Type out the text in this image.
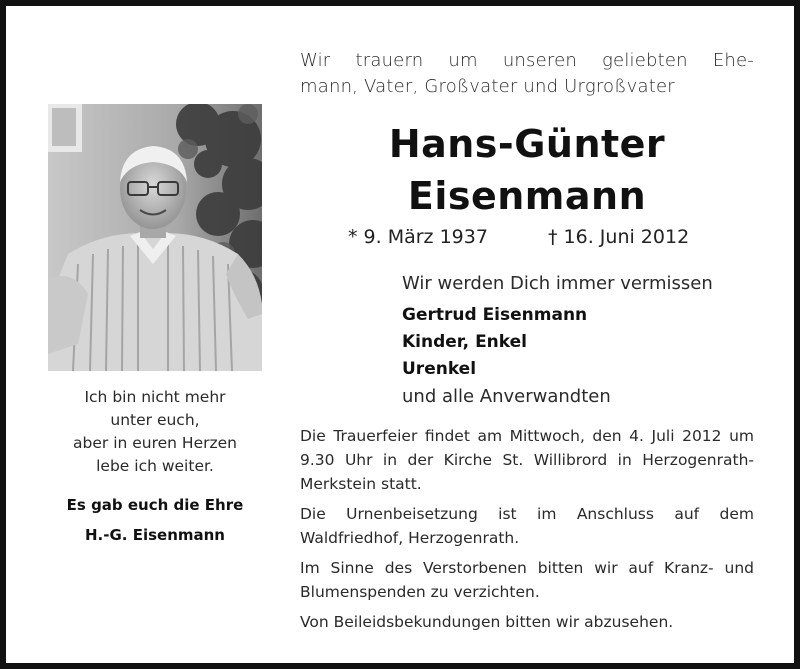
Wir trauern um unseren geliebten Ehe-
mann, Vater, Großvater und Urgroßvater
Hans-Günter
Eisenmann
* 9. März 1937	† 16. Juni 2012
Wir werden Dich immer vermissen
Gertrud Eisenmann
Kinder, Enkel
Urenkel
und alle Anverwandten

Die Trauerfeier findet am Mittwoch, den 4. Juli 2012 um 9.30 Uhr in der Kirche St. Willibrord in Herzogenrath-Merkstein statt.

Die Urnenbeisetzung ist im Anschluss auf dem Waldfriedhof, Herzogenrath.

Im Sinne des Verstorbenen bitten wir auf Kranz- und Blumenspenden zu verzichten.

Von Beileidsbekundungen bitten wir abzusehen.

Ich bin nicht mehr
unter euch,
aber in euren Herzen
lebe ich weiter.
Es gab euch die Ehre
H.-G. Eisenmann
